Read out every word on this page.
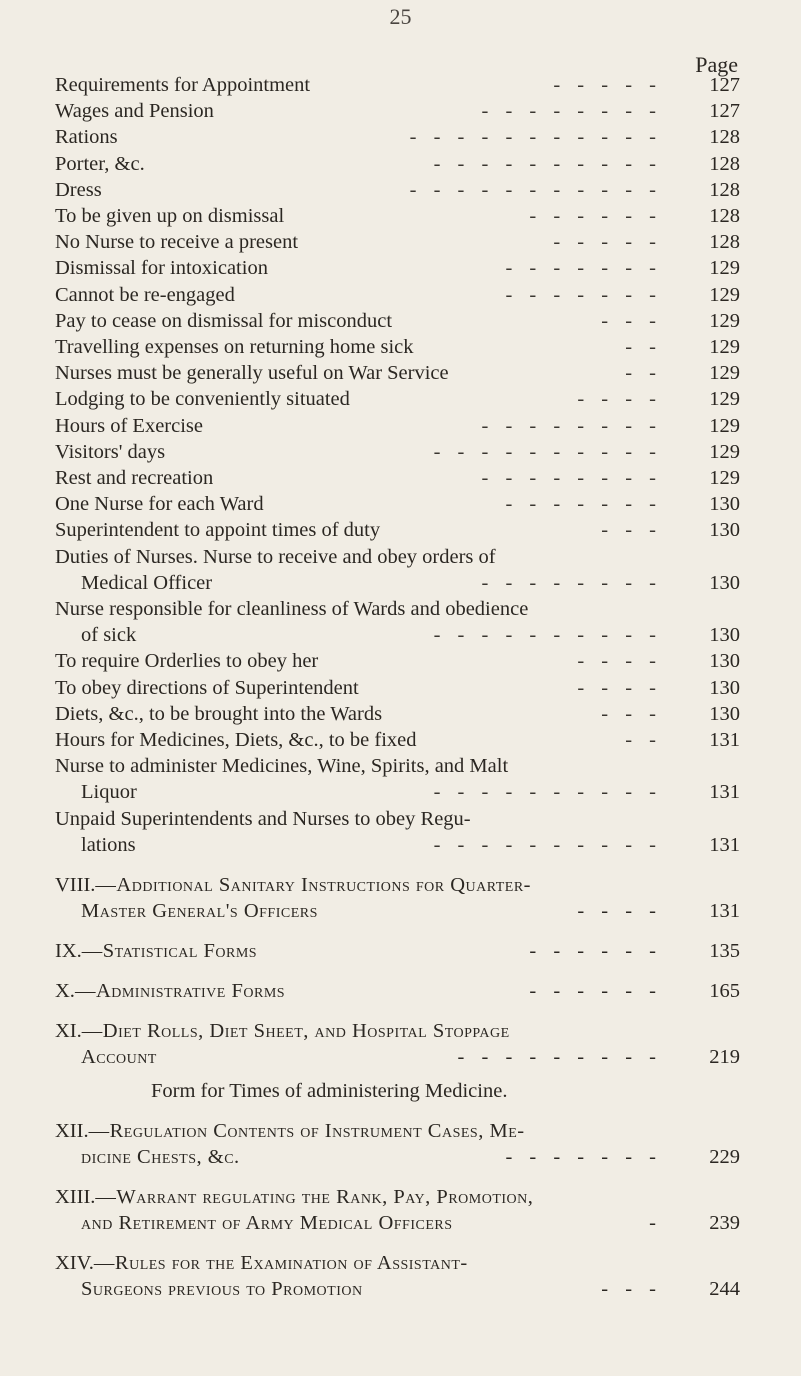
25
Page
Requirements for Appointment	- - - - -	127
Wages and Pension	- - - - - - - -	127
Rations	- - - - - - - - - - -	128
Porter, &c.	- - - - - - - - - -	128
Dress	- - - - - - - - - - -	128
To be given up on dismissal	- - - - - -	128
No Nurse to receive a present	- - - - -	128
Dismissal for intoxication	- - - - - - -	129
Cannot be re-engaged	- - - - - - -	129
Pay to cease on dismissal for misconduct	- - -	129
Travelling expenses on returning home sick	- -	129
Nurses must be generally useful on War Service	- -	129
Lodging to be conveniently situated	- - - -	129
Hours of Exercise	- - - - - - - -	129
Visitors' days	- - - - - - - - - -	129
Rest and recreation	- - - - - - - -	129
One Nurse for each Ward	- - - - - - -	130
Superintendent to appoint times of duty	- - -	130
Duties of Nurses. Nurse to receive and obey orders of
Medical Officer	- - - - - - - -	130
Nurse responsible for cleanliness of Wards and obedience
of sick	- - - - - - - - - -	130
To require Orderlies to obey her	- - - -	130
To obey directions of Superintendent	- - - -	130
Diets, &c., to be brought into the Wards	- - -	130
Hours for Medicines, Diets, &c., to be fixed	- -	131
Nurse to administer Medicines, Wine, Spirits, and Malt
Liquor	- - - - - - - - - -	131
Unpaid Superintendents and Nurses to obey Regu-
lations	- - - - - - - - - -	131
VIII.—Additional Sanitary Instructions for Quarter-
Master General's Officers	- - - -	131
IX.—Statistical Forms	- - - - - -	135
X.—Administrative Forms	- - - - - -	165
XI.—Diet Rolls, Diet Sheet, and Hospital Stoppage
Account	- - - - - - - - -	219
Form for Times of administering Medicine.
XII.—Regulation Contents of Instrument Cases, Me-
dicine Chests, &c.	- - - - - - -	229
XIII.—Warrant regulating the Rank, Pay, Promotion,
and Retirement of Army Medical Officers	-	239
XIV.—Rules for the Examination of Assistant-
Surgeons previous to Promotion	- - -	244
